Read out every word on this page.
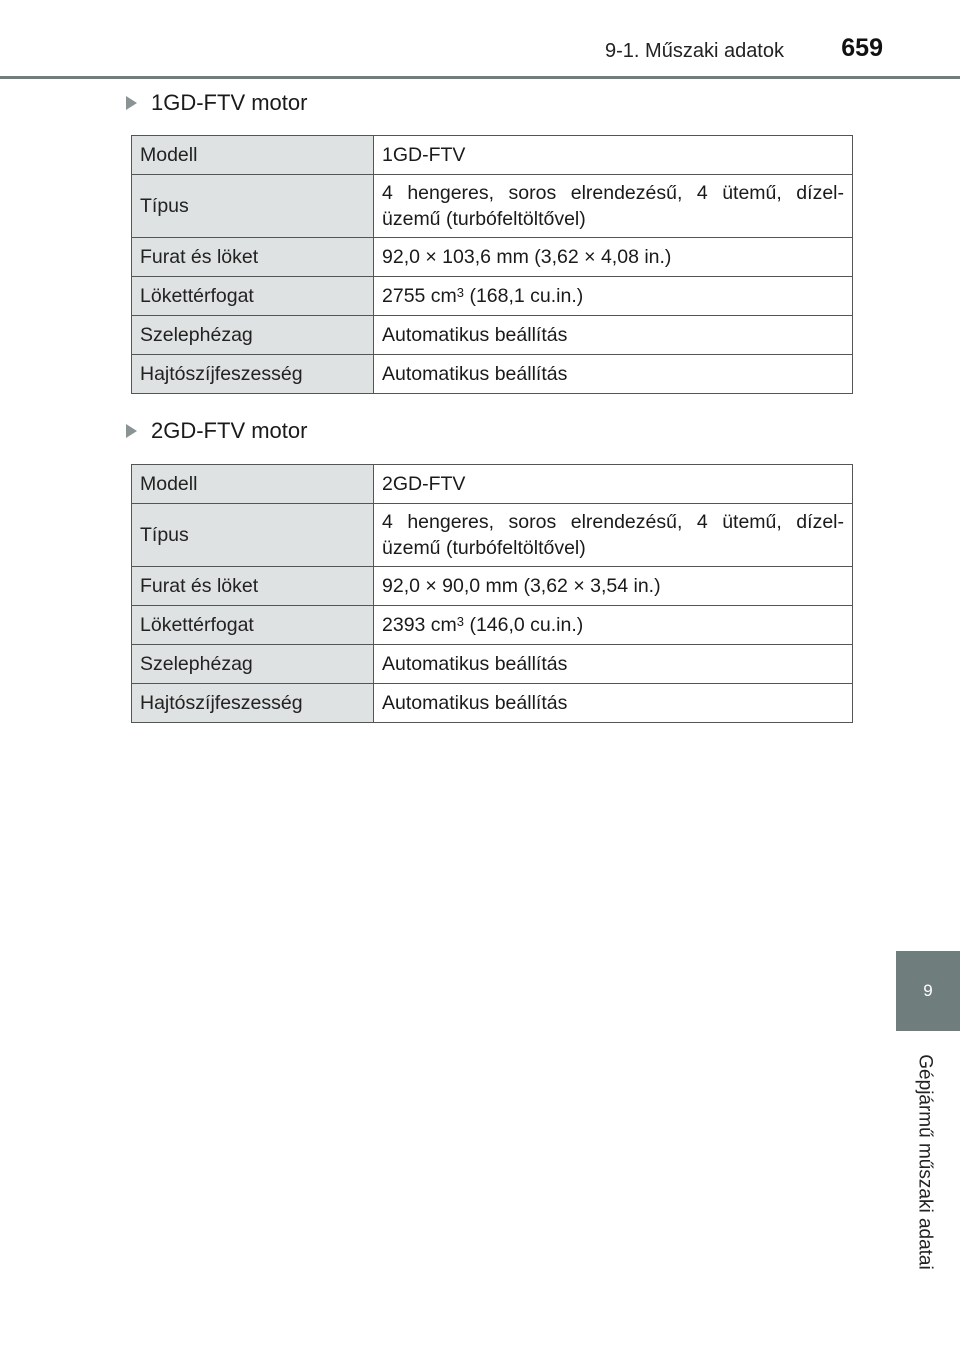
9-1. Műszaki adatok 659
1GD-FTV motor
Modell	1GD-FTV
Típus	4 hengeres, soros elrendezésű, 4 ütemű, dízel-üzemű (turbófeltöltővel)
Furat és löket	92,0 × 103,6 mm (3,62 × 4,08 in.)
Lökettérfogat	2755 $cm^3$ (168,1 cu.in.)
Szelephézag	Automatikus beállítás
Hajtószíjfeszesség	Automatikus beállítás
2GD-FTV motor
Modell	2GD-FTV
Típus	4 hengeres, soros elrendezésű, 4 ütemű, dízel-üzemű (turbófeltöltővel)
Furat és löket	92,0 × 90,0 mm (3,62 × 3,54 in.)
Lökettérfogat	2393 $cm^3$ (146,0 cu.in.)
Szelephézag	Automatikus beállítás
Hajtószíjfeszesség	Automatikus beállítás
9
Gépjármű műszaki adatai
